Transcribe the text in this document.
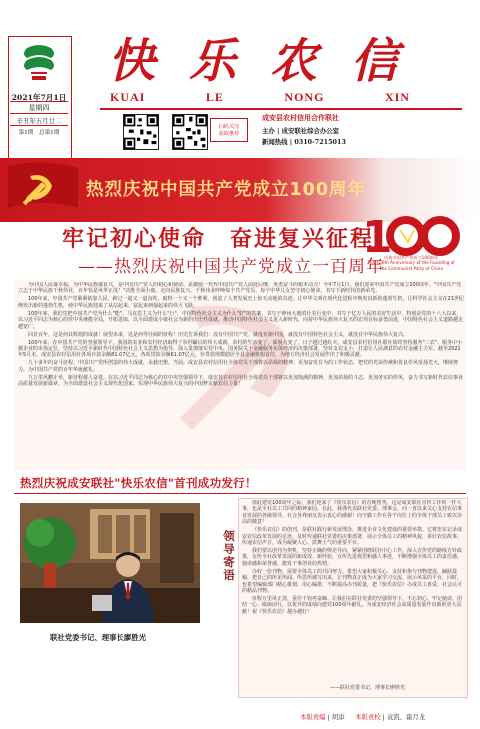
2021年7月1日
星期四
辛丑年五月廿二
第1期　总第1期
快 乐 农 信
KUAI	LE	NONG	XIN
扫码关注
获取推荐
成安县农村信用合作联社
主办 | 成安联社综合办公室
新闻热线 | 0310-7215013
热烈庆祝中国共产党成立100周年
1
庆祝中国共产党成立100周年
The 100th Anniversary of the Founding of
The Communist Party of China
牢记初心使命　奋进复兴征程
——热烈庆祝中国共产党成立一百周年

为中国人民谋幸福，为中华民族谋复兴，是中国共产党人的初心和使命。是激励一代代中国共产党人前赴后继、英勇奋斗的根本动力！今年7月1日，我们迎来中国共产党成立100周年。"中国共产党立志于中华民族千秋伟业，百年恰是风华正茂！"决胜全面小康，走向民族复兴，千秋伟业呼唤每个共产党员、每个中华儿女坚守初心使命，书写下新时代的新荣光。

100年来，中国共产党紧紧依靠人民，跨过一道又一道沟坎，取得一个又一个胜利，创造了人类发展史上惊天动地的奇迹，让中华文明在现代化进程中焕发出新的蓬勃生机，让科学社会主义在21世纪焕发出新的蓬勃生机，使中华民族迎来了从站起来、富起来到强起来的伟大飞跃。

100年来，我们党把中国共产党为什么"能"、马克思主义为什么"行"、中国特色社会主义为什么"好"的答案，书写于神州大地的壮美巨变中，书写于亿万人民的美好生活中。特别是党的十八大以来，以习近平同志为核心的党中央统揽全局，开拓进取，以全面建成小康社会为新的历史性成就，推动中国特色社会主义进入新时代，向着中华民族伟大复兴的宏伟目标奋勇前进，中国特色社会主义道路越走越宽广。

回首百年，这是何其辉煌的成就！展望未来，这是何等壮阔的征程！历史告诉我们：没有中国共产党，就没有新中国，就没有中国特色社会主义，就没有中华民族伟大复兴。

100年来，在中国共产党的坚强领导下，我国的农业和农村经济取得了举世瞩目的伟大成就。农村的生活变了，面貌大变了，日子越过越红火。成安县农村信用社联社始终坚持服务"三农"、服务中小微企业的市场定位，坚持以习近平新时代中国特色社会主义思想为指导，深入贯彻落实党中央、国务院关于金融服务实体经济的决策部署，坚持支农支小，打造让人民满意的农村金融主力军。截至2021年5月末，成安县农村信用社各项存款余额81.07亿元，各项贷款余额61.07亿元，存贷款规模稳居全县金融机构首位，为地方经济社会发展作出了积极贡献。

九十多年的奋斗征程，中国共产党所创造的伟大成就，永载史册。当前，成安县农村信用社全体党员干部将以昂扬的精神、更加奋发有为的工作状态，把党的光荣传统和优良作风发扬光大，继续努力。为中国共产党的百年华诞献礼。

九万里风鹏正举，新征程催人奋进。在以习近平同志为核心的党中央坚强领导下，成安县农村信用社全体党员干部将以更加饱满的精神、更加昂扬的斗志、更加务实的作风，奋力书写新时代农信事业高质量发展新篇章，为全面建设社会主义现代化国家、实现中华民族伟大复兴的中国梦贡献农信力量！

热烈庆祝成安联社"快乐农信"首刊成功发行！
联社党委书记、理事长廖胜光
领导寄语

值此建党100周年之际，我们迎来了《快乐农信》的首期创刊。这是成安联社宣传工作的一件大事，也是全社员工共同的精神家园。在此，我谨代表联社党委、理事会，向一直以来关心支持农信事业发展的各级领导、社会各界朋友表示衷心的感谢！向辛勤工作在各个岗位上的全体干部员工致以崇高的敬意！

《快乐农信》的创刊，是联社践行新发展理念、推进企业文化建设的重要举措。它将忠实记录成安农信改革发展的足迹，及时传递联社党委的决策部署，展示全体员工的精神风貌，讲好农信故事，传递农信声音，成为凝聚人心、鼓舞士气的重要平台。

我们要以创刊为契机，坚持正确的舆论导向，紧紧围绕联社中心工作，深入宣传党的路线方针政策，宣传全社改革发展的新成效、新经验，宣传先进典型和感人事迹，不断增强全体员工的责任感、使命感和荣誉感，激发干事创业的热情。

办好一份刊物，需要全体员工的共同努力。希望大家积极关心、支持和参与刊物建设，踊跃投稿，把自己的所见所闻、所思所感写出来，让刊物真正成为大家学习交流、展示风采的平台。同时，也希望编辑部门精心策划、用心编排，不断提高办刊质量，把《快乐农信》办成员工喜爱、社会认可的精品刊物。

征程万里风正劲，重任千钧再奋蹄。让我们在联社党委的坚强领导下，不忘初心、牢记使命，团结一心、砥砺前行，以优异的成绩向建党100周年献礼，为成安经济社会高质量发展作出新的更大贡献！祝《快乐农信》越办越好！

——联社党委书记、理事长廖胜光
本版责编 | 胡添 　 本版责校 | 袁凯、霍月龙
